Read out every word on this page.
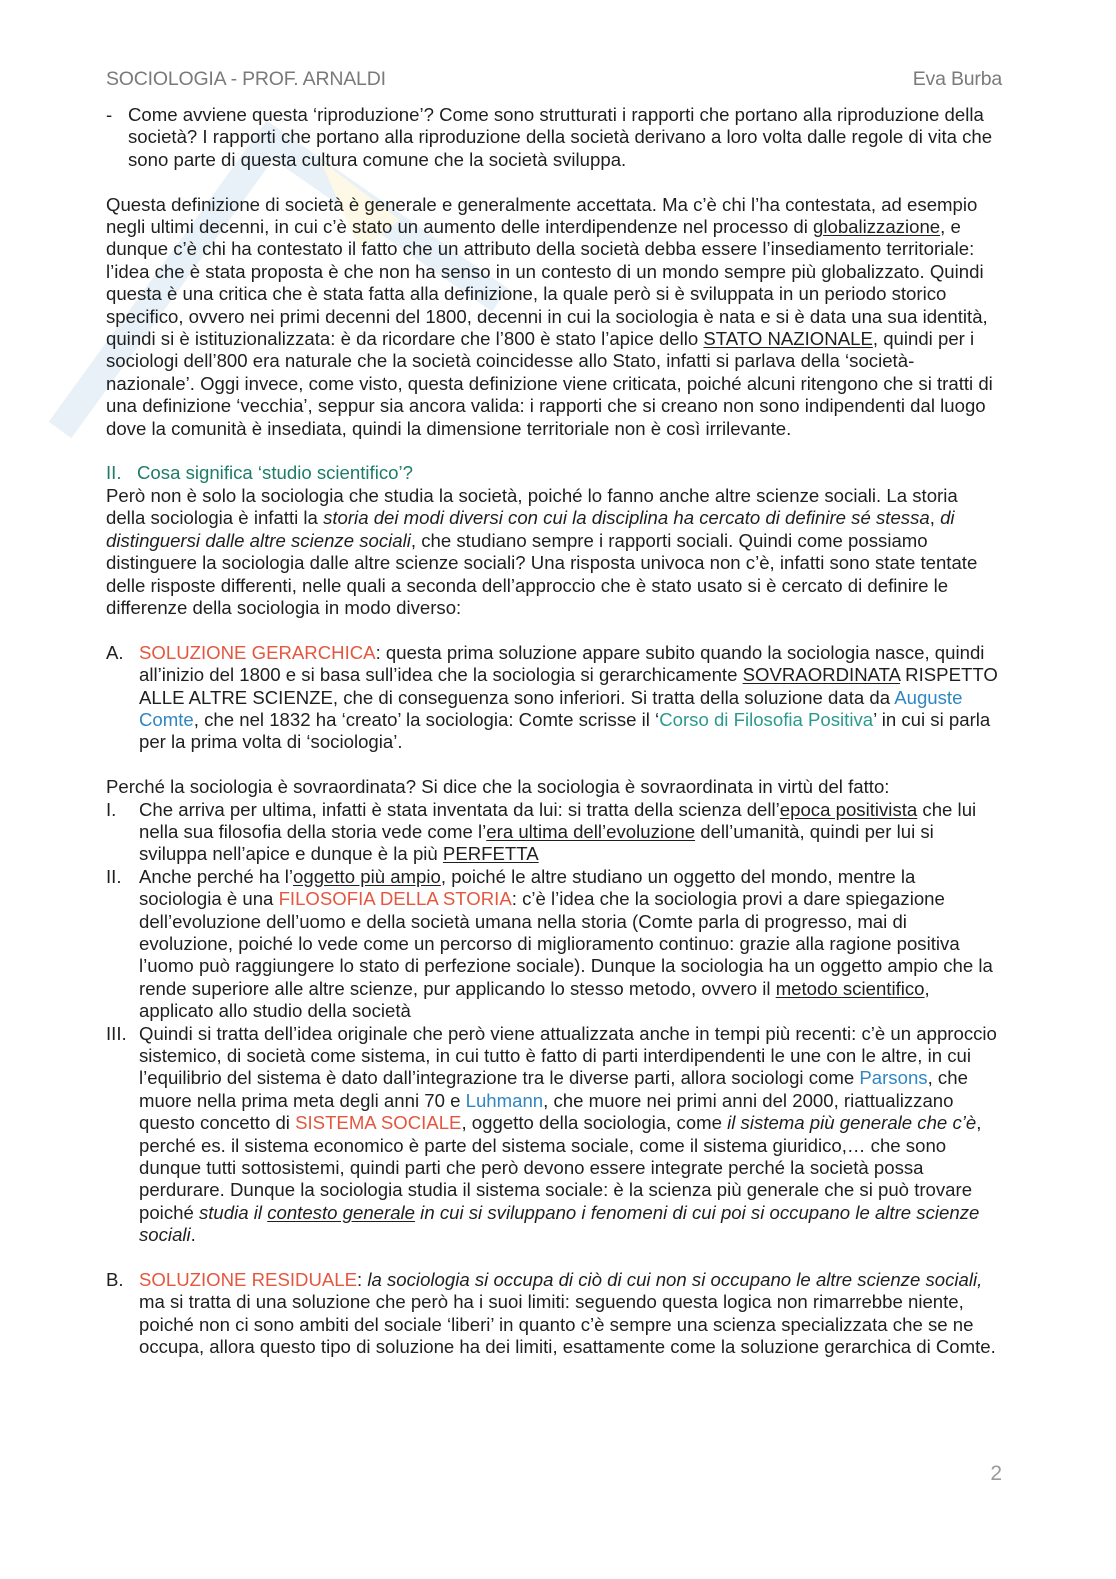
SOCIOLOGIA - PROF. ARNALDI	Eva Burba
- Come avviene questa ‘riproduzione’? Come sono strutturati i rapporti che portano alla riproduzione della società? I rapporti che portano alla riproduzione della società derivano a loro volta dalle regole di vita che sono parte di questa cultura comune che la società sviluppa.

Questa definizione di società è generale e generalmente accettata. Ma c’è chi l’ha contestata, ad esempio negli ultimi decenni, in cui c’è stato un aumento delle interdipendenze nel processo di globalizzazione, e dunque c’è chi ha contestato il fatto che un attributo della società debba essere l’insediamento territoriale: l’idea che è stata proposta è che non ha senso in un contesto di un mondo sempre più globalizzato. Quindi questa è una critica che è stata fatta alla definizione, la quale però si è sviluppata in un periodo storico specifico, ovvero nei primi decenni del 1800, decenni in cui la sociologia è nata e si è data una sua identità, quindi si è istituzionalizzata: è da ricordare che l’800 è stato l’apice dello STATO NAZIONALE, quindi per i sociologi dell’800 era naturale che la società coincidesse allo Stato, infatti si parlava della ‘società-nazionale’. Oggi invece, come visto, questa definizione viene criticata, poiché alcuni ritengono che si tratti di una definizione ‘vecchia’, seppur sia ancora valida: i rapporti che si creano non sono indipendenti dal luogo dove la comunità è insediata, quindi la dimensione territoriale non è così irrilevante.

II. Cosa significa ‘studio scientifico’?

Però non è solo la sociologia che studia la società, poiché lo fanno anche altre scienze sociali. La storia della sociologia è infatti la storia dei modi diversi con cui la disciplina ha cercato di definire sé stessa, di distinguersi dalle altre scienze sociali, che studiano sempre i rapporti sociali. Quindi come possiamo distinguere la sociologia dalle altre scienze sociali? Una risposta univoca non c’è, infatti sono state tentate delle risposte differenti, nelle quali a seconda dell’approccio che è stato usato si è cercato di definire le differenze della sociologia in modo diverso:

A. SOLUZIONE GERARCHICA: questa prima soluzione appare subito quando la sociologia nasce, quindi all’inizio del 1800 e si basa sull’idea che la sociologia si gerarchicamente SOVRAORDINATA RISPETTO ALLE ALTRE SCIENZE, che di conseguenza sono inferiori. Si tratta della soluzione data da Auguste Comte, che nel 1832 ha ‘creato’ la sociologia: Comte scrisse il ‘Corso di Filosofia Positiva’ in cui si parla per la prima volta di ‘sociologia’.

Perché la sociologia è sovraordinata? Si dice che la sociologia è sovraordinata in virtù del fatto:

I.	Che arriva per ultima, infatti è stata inventata da lui: si tratta della scienza dell’epoca positivista che lui nella sua filosofia della storia vede come l’era ultima dell’evoluzione dell’umanità, quindi per lui si sviluppa nell’apice e dunque è la più PERFETTA
II. Anche perché ha l’oggetto più ampio, poiché le altre studiano un oggetto del mondo, mentre la sociologia è una FILOSOFIA DELLA STORIA: c’è l’idea che la sociologia provi a dare spiegazione dell’evoluzione dell’uomo e della società umana nella storia (Comte parla di progresso, mai di evoluzione, poiché lo vede come un percorso di miglioramento continuo: grazie alla ragione positiva l’uomo può raggiungere lo stato di perfezione sociale). Dunque la sociologia ha un oggetto ampio che la rende superiore alle altre scienze, pur applicando lo stesso metodo, ovvero il metodo scientifico, applicato allo studio della società
III. Quindi si tratta dell’idea originale che però viene attualizzata anche in tempi più recenti: c’è un approccio sistemico, di società come sistema, in cui tutto è fatto di parti interdipendenti le une con le altre, in cui l’equilibrio del sistema è dato dall’integrazione tra le diverse parti, allora sociologi come Parsons, che muore nella prima meta degli anni 70 e Luhmann, che muore nei primi anni del 2000, riattualizzano questo concetto di SISTEMA SOCIALE, oggetto della sociologia, come il sistema più generale che c’è, perché es. il sistema economico è parte del sistema sociale, come il sistema giuridico,… che sono dunque tutti sottosistemi, quindi parti che però devono essere integrate perché la società possa perdurare. Dunque la sociologia studia il sistema sociale: è la scienza più generale che si può trovare poiché studia il contesto generale in cui si sviluppano i fenomeni di cui poi si occupano le altre scienze sociali.
B. SOLUZIONE RESIDUALE: la sociologia si occupa di ciò di cui non si occupano le altre scienze sociali, ma si tratta di una soluzione che però ha i suoi limiti: seguendo questa logica non rimarrebbe niente, poiché non ci sono ambiti del sociale ‘liberi’ in quanto c’è sempre una scienza specializzata che se ne occupa, allora questo tipo di soluzione ha dei limiti, esattamente come la soluzione gerarchica di Comte.
2
